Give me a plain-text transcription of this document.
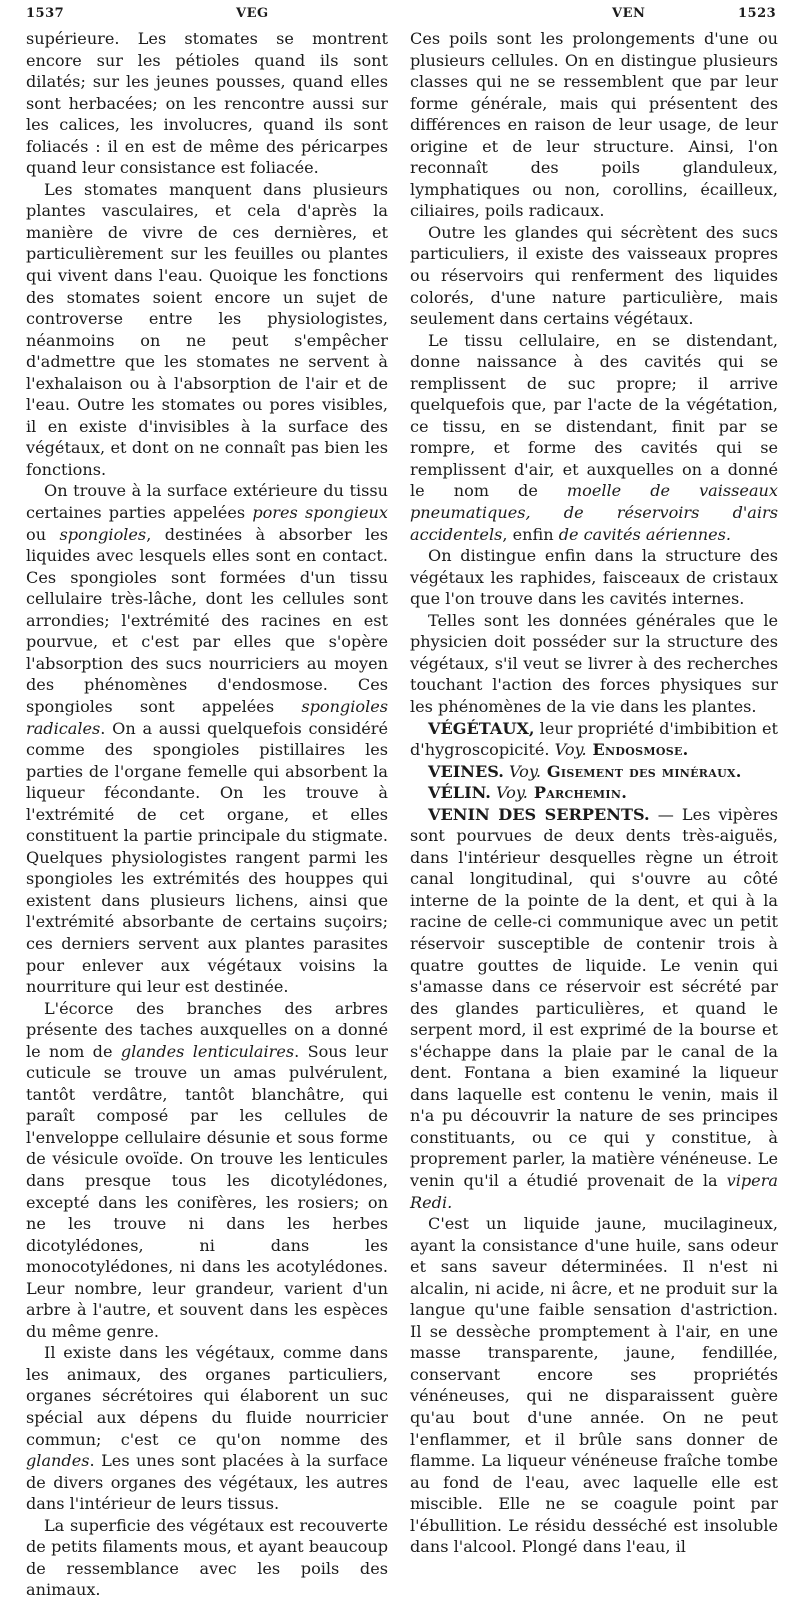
1537	VEG	VEN	1523

supérieure. Les stomates se montrent encore sur les pétioles quand ils sont dilatés; sur les jeunes pousses, quand elles sont herbacées; on les rencontre aussi sur les calices, les involucres, quand ils sont foliacés : il en est de même des péricarpes quand leur consistance est foliacée.

Les stomates manquent dans plusieurs plantes vasculaires, et cela d'après la manière de vivre de ces dernières, et particulièrement sur les feuilles ou plantes qui vivent dans l'eau. Quoique les fonctions des stomates soient encore un sujet de controverse entre les physiologistes, néanmoins on ne peut s'empêcher d'admettre que les stomates ne servent à l'exhalaison ou à l'absorption de l'air et de l'eau. Outre les stomates ou pores visibles, il en existe d'invisibles à la surface des végétaux, et dont on ne connaît pas bien les fonctions.

On trouve à la surface extérieure du tissu certaines parties appelées pores spongieux ou spongioles, destinées à absorber les liquides avec lesquels elles sont en contact. Ces spongioles sont formées d'un tissu cellulaire très-lâche, dont les cellules sont arrondies; l'extrémité des racines en est pourvue, et c'est par elles que s'opère l'absorption des sucs nourriciers au moyen des phénomènes d'endosmose. Ces spongioles sont appelées spongioles radicales. On a aussi quelquefois considéré comme des spongioles pistillaires les parties de l'organe femelle qui absorbent la liqueur fécondante. On les trouve à l'extrémité de cet organe, et elles constituent la partie principale du stigmate. Quelques physiologistes rangent parmi les spongioles les extrémités des houppes qui existent dans plusieurs lichens, ainsi que l'extrémité absorbante de certains suçoirs; ces derniers servent aux plantes parasites pour enlever aux végétaux voisins la nourriture qui leur est destinée.

L'écorce des branches des arbres présente des taches auxquelles on a donné le nom de glandes lenticulaires. Sous leur cuticule se trouve un amas pulvérulent, tantôt verdâtre, tantôt blanchâtre, qui paraît composé par les cellules de l'enveloppe cellulaire désunie et sous forme de vésicule ovoïde. On trouve les lenticules dans presque tous les dicotylédones, excepté dans les conifères, les rosiers; on ne les trouve ni dans les herbes dicotylédones, ni dans les monocotylédones, ni dans les acotylédones. Leur nombre, leur grandeur, varient d'un arbre à l'autre, et souvent dans les espèces du même genre.

Il existe dans les végétaux, comme dans les animaux, des organes particuliers, organes sécrétoires qui élaborent un suc spécial aux dépens du fluide nourricier commun; c'est ce qu'on nomme des glandes. Les unes sont placées à la surface de divers organes des végétaux, les autres dans l'intérieur de leurs tissus.

La superficie des végétaux est recouverte de petits filaments mous, et ayant beaucoup de ressemblance avec les poils des animaux.

Ces poils sont les prolongements d'une ou plusieurs cellules. On en distingue plusieurs classes qui ne se ressemblent que par leur forme générale, mais qui présentent des différences en raison de leur usage, de leur origine et de leur structure. Ainsi, l'on reconnaît des poils glanduleux, lymphatiques ou non, corollins, écailleux, ciliaires, poils radicaux.

Outre les glandes qui sécrètent des sucs particuliers, il existe des vaisseaux propres ou réservoirs qui renferment des liquides colorés, d'une nature particulière, mais seulement dans certains végétaux.

Le tissu cellulaire, en se distendant, donne naissance à des cavités qui se remplissent de suc propre; il arrive quelquefois que, par l'acte de la végétation, ce tissu, en se distendant, finit par se rompre, et forme des cavités qui se remplissent d'air, et auxquelles on a donné le nom de moelle de vaisseaux pneumatiques, de réservoirs d'airs accidentels, enfin de cavités aériennes.

On distingue enfin dans la structure des végétaux les raphides, faisceaux de cristaux que l'on trouve dans les cavités internes.

Telles sont les données générales que le physicien doit posséder sur la structure des végétaux, s'il veut se livrer à des recherches touchant l'action des forces physiques sur les phénomènes de la vie dans les plantes.

VÉGÉTAUX, leur propriété d'imbibition et d'hygroscopicité. Voy. Endosmose.

VEINES. Voy. Gisement des minéraux.

VÉLIN. Voy. Parchemin.

VENIN DES SERPENTS. — Les vipères sont pourvues de deux dents très-aiguës, dans l'intérieur desquelles règne un étroit canal longitudinal, qui s'ouvre au côté interne de la pointe de la dent, et qui à la racine de celle-ci communique avec un petit réservoir susceptible de contenir trois à quatre gouttes de liquide. Le venin qui s'amasse dans ce réservoir est sécrété par des glandes particulières, et quand le serpent mord, il est exprimé de la bourse et s'échappe dans la plaie par le canal de la dent. Fontana a bien examiné la liqueur dans laquelle est contenu le venin, mais il n'a pu découvrir la nature de ses principes constituants, ou ce qui y constitue, à proprement parler, la matière vénéneuse. Le venin qu'il a étudié provenait de la vipera Redi.

C'est un liquide jaune, mucilagineux, ayant la consistance d'une huile, sans odeur et sans saveur déterminées. Il n'est ni alcalin, ni acide, ni âcre, et ne produit sur la langue qu'une faible sensation d'astriction. Il se dessèche promptement à l'air, en une masse transparente, jaune, fendillée, conservant encore ses propriétés vénéneuses, qui ne disparaissent guère qu'au bout d'une année. On ne peut l'enflammer, et il brûle sans donner de flamme. La liqueur vénéneuse fraîche tombe au fond de l'eau, avec laquelle elle est miscible. Elle ne se coagule point par l'ébullition. Le résidu desséché est insoluble dans l'alcool. Plongé dans l'eau, il
